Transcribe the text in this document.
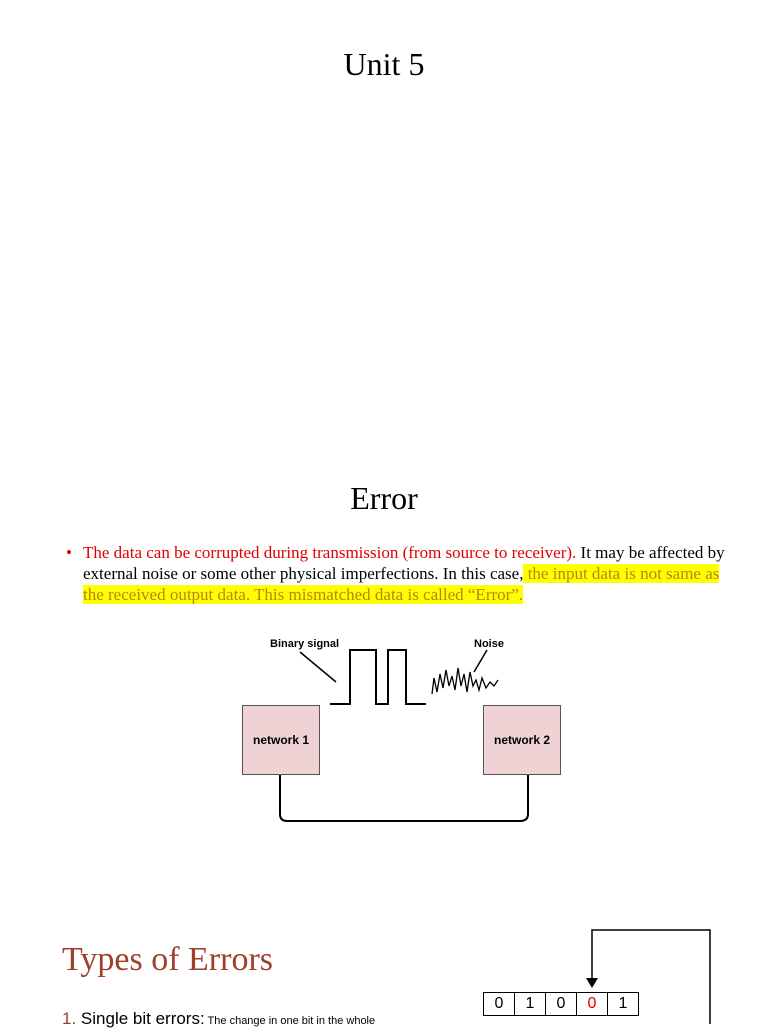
Unit 5
Error
• The data can be corrupted during transmission (from source to receiver). It may be affected by external noise or some other physical imperfections. In this case, the input data is not same as the received output data. This mismatched data is called “Error”.
Binary signal	Noise
network 1	network 2
Types of Errors
1. Single bit errors: The change in one bit in the whole
0	1	0	0	1
